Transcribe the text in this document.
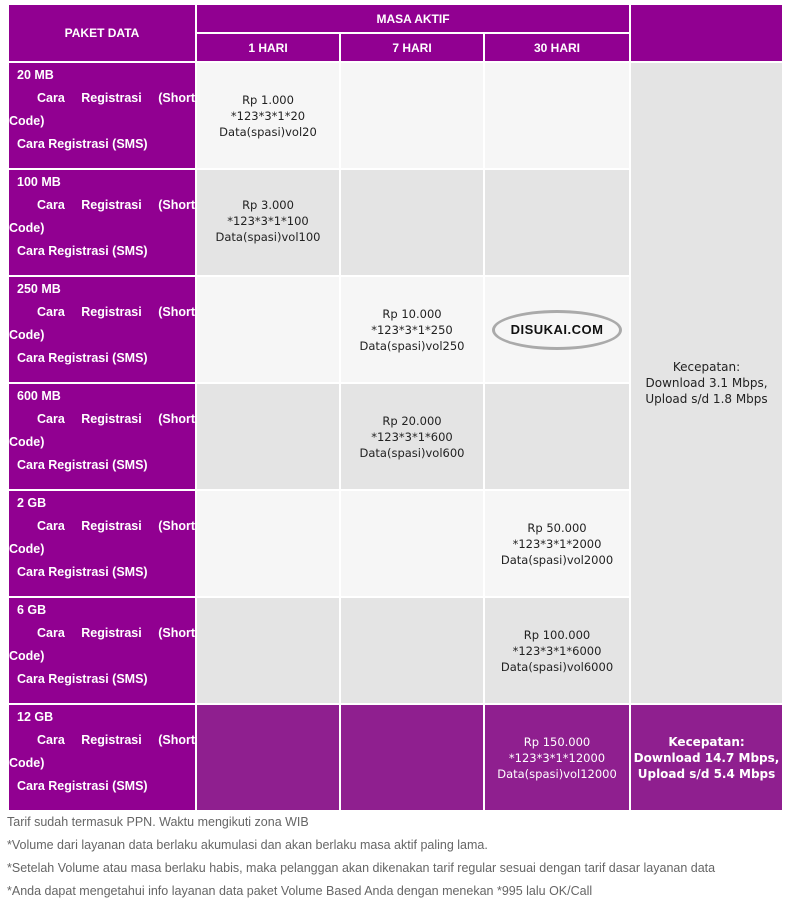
PAKET DATA	MASA AKTIF			
	1 HARI	7 HARI	30 HARI	

20 MB
Cara Registrasi (Short
Code)
Cara Registrasi (SMS)	Rp 1.000
*123*3*1*20
Data(spasi)vol20			Kecepatan:
Download 3.1 Mbps,
Upload s/d 1.8 Mbps

100 MB
Cara Registrasi (Short
Code)
Cara Registrasi (SMS)	Rp 3.000
*123*3*1*100
Data(spasi)vol100			

250 MB
Cara Registrasi (Short
Code)
Cara Registrasi (SMS)		Rp 10.000
*123*3*1*250
Data(spasi)vol250	DISUKAI.COM	

600 MB
Cara Registrasi (Short
Code)
Cara Registrasi (SMS)		Rp 20.000
*123*3*1*600
Data(spasi)vol600		

2 GB
Cara Registrasi (Short
Code)
Cara Registrasi (SMS)			Rp 50.000
*123*3*1*2000
Data(spasi)vol2000	

6 GB
Cara Registrasi (Short
Code)
Cara Registrasi (SMS)			Rp 100.000
*123*3*1*6000
Data(spasi)vol6000	

12 GB
Cara Registrasi (Short
Code)
Cara Registrasi (SMS)			Rp 150.000
*123*3*1*12000
Data(spasi)vol12000	Kecepatan:
Download 14.7 Mbps,
Upload s/d 5.4 Mbps

Tarif sudah termasuk PPN. Waktu mengikuti zona WIB

*Volume dari layanan data berlaku akumulasi dan akan berlaku masa aktif paling lama.

*Setelah Volume atau masa berlaku habis, maka pelanggan akan dikenakan tarif regular sesuai dengan tarif dasar layanan data

*Anda dapat mengetahui info layanan data paket Volume Based Anda dengan menekan *995 lalu OK/Call
